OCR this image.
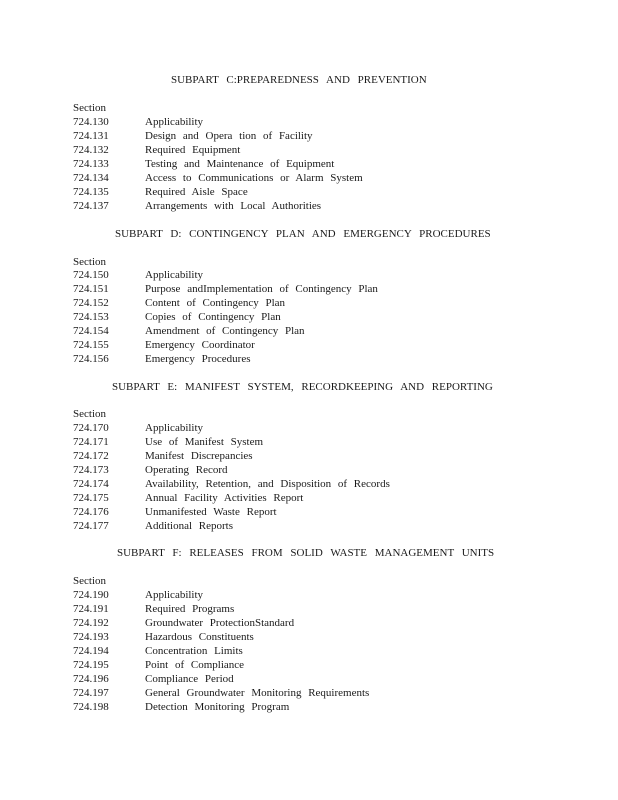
SUBPART C:PREPAREDNESS AND PREVENTION
Section
724.130	Applicability
724.131	Design and Opera tion of Facility
724.132	Required Equipment
724.133	Testing and Maintenance of Equipment
724.134	Access to Communications or Alarm System
724.135	Required Aisle Space
724.137	Arrangements with Local Authorities
SUBPART D: CONTINGENCY PLAN AND EMERGENCY PROCEDURES
Section
724.150	Applicability
724.151	Purpose andImplementation of Contingency Plan
724.152	Content of Contingency Plan
724.153	Copies of Contingency Plan
724.154	Amendment of Contingency Plan
724.155	Emergency Coordinator
724.156	Emergency Procedures
SUBPART E: MANIFEST SYSTEM, RECORDKEEPING AND REPORTING
Section
724.170	Applicability
724.171	Use of Manifest System
724.172	Manifest Discrepancies
724.173	Operating Record
724.174	Availability, Retention, and Disposition of Records
724.175	Annual Facility Activities Report
724.176	Unmanifested Waste Report
724.177	Additional Reports
SUBPART F: RELEASES FROM SOLID WASTE MANAGEMENT UNITS
Section
724.190	Applicability
724.191	Required Programs
724.192	Groundwater ProtectionStandard
724.193	Hazardous Constituents
724.194	Concentration Limits
724.195	Point of Compliance
724.196	Compliance Period
724.197	General Groundwater Monitoring Requirements
724.198	Detection Monitoring Program
